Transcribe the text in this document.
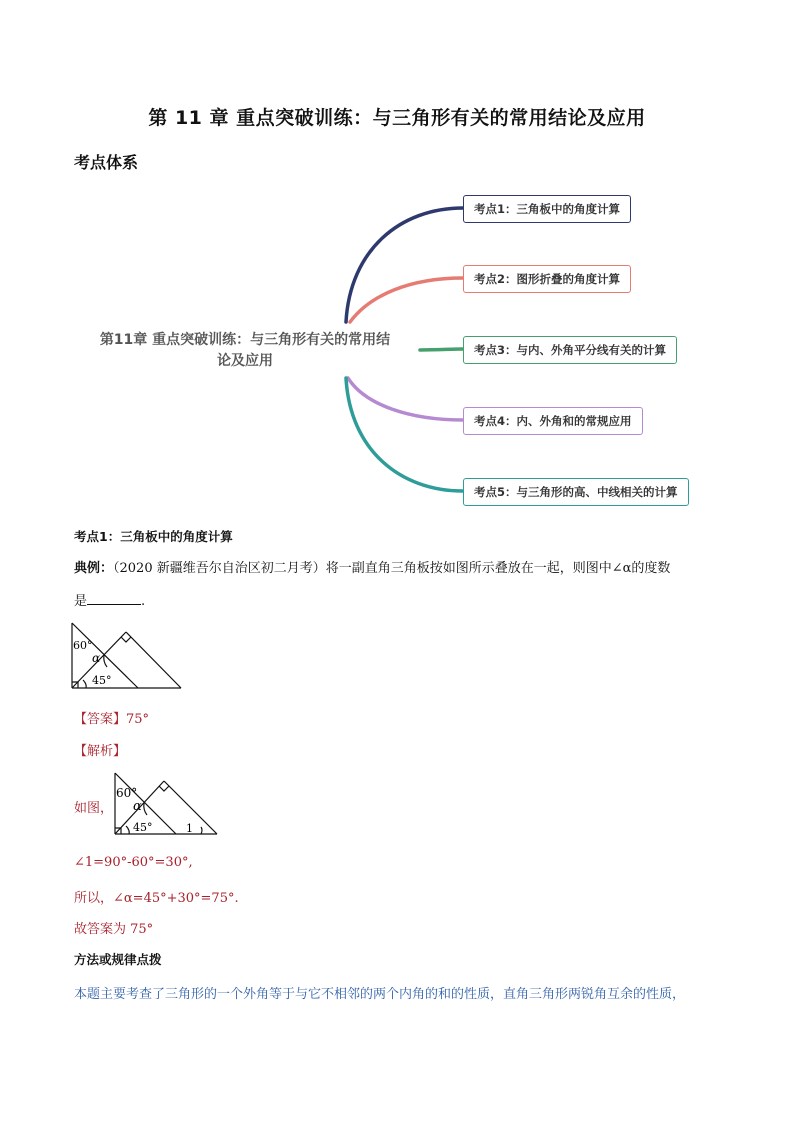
第 11 章 重点突破训练：与三角形有关的常用结论及应用
考点体系
第11章 重点突破训练：与三角形有关的常用结
论及应用
考点1：三角板中的角度计算
考点2：图形折叠的角度计算
考点3：与内、外角平分线有关的计算
考点4：内、外角和的常规应用
考点5：与三角形的高、中线相关的计算
考点1：三角板中的角度计算
典例：（2020 新疆维吾尔自治区初二月考）将一副直角三角板按如图所示叠放在一起，则图中∠α的度数
是	.
60°
α
45°
【答案】75°
【解析】
如图，
60°
α
45°	1
∠1=90°-60°=30°,
所以，∠α=45°+30°=75°.
故答案为 75°
方法或规律点拨
本题主要考查了三角形的一个外角等于与它不相邻的两个内角的和的性质，直角三角形两锐角互余的性质，
